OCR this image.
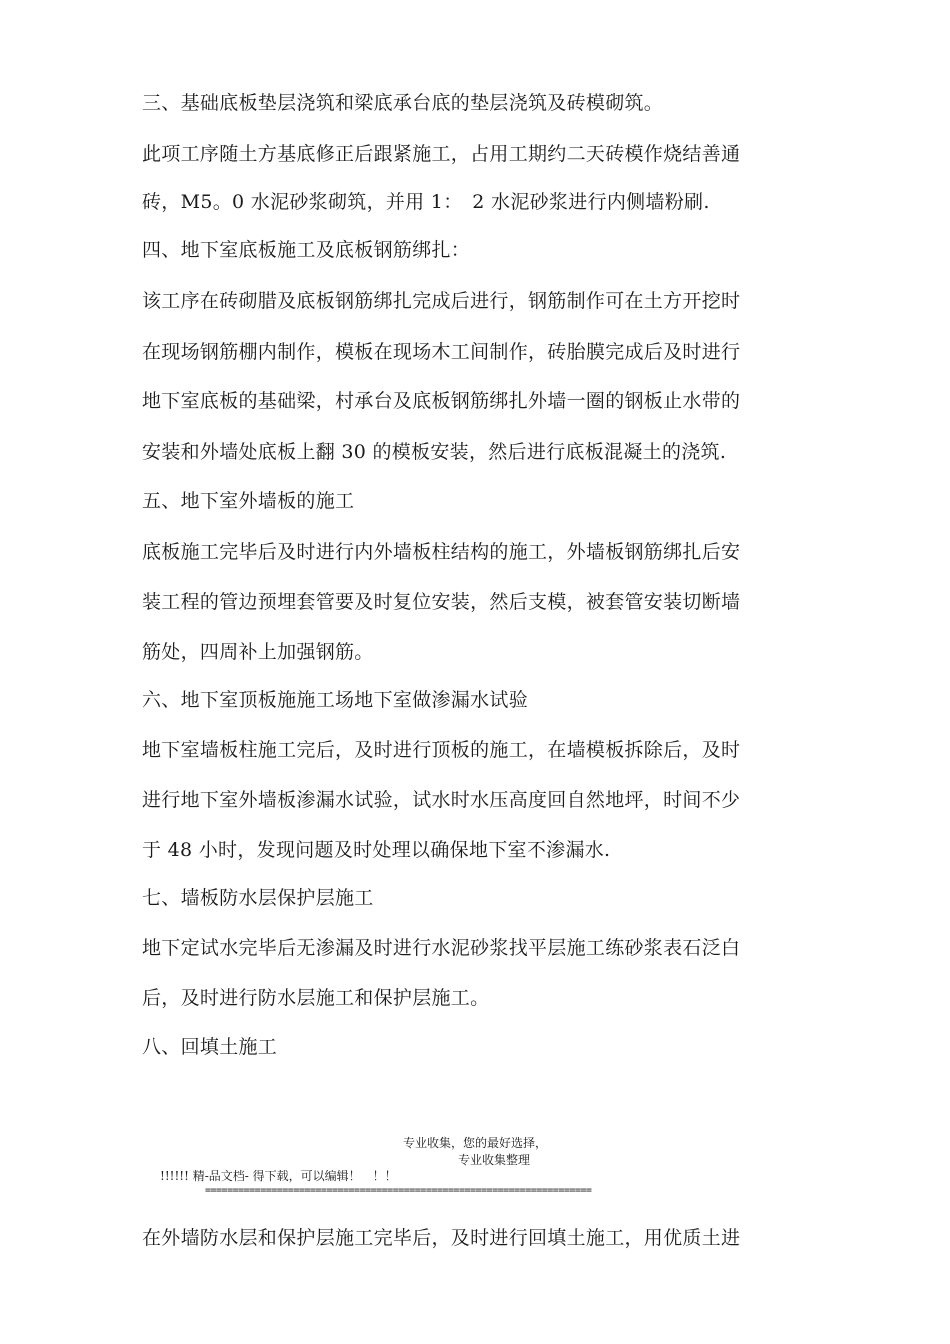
三、基础底板垫层浇筑和梁底承台底的垫层浇筑及砖模砌筑。
此项工序随土方基底修正后跟紧施工，占用工期约二天砖模作烧结善通
砖，M5。0 水泥砂浆砌筑，并用 1：　2 水泥砂浆进行内侧墙粉刷.
四、地下室底板施工及底板钢筋绑扎：
该工序在砖砌腊及底板钢筋绑扎完成后进行，钢筋制作可在土方开挖时
在现场钢筋棚内制作，模板在现场木工间制作，砖胎膜完成后及时进行
地下室底板的基础梁，村承台及底板钢筋绑扎外墙一圈的钢板止水带的
安装和外墙处底板上翻 30 的模板安装，然后进行底板混凝土的浇筑.
五、地下室外墙板的施工
底板施工完毕后及时进行内外墙板柱结构的施工，外墙板钢筋绑扎后安
装工程的管边预埋套管要及时复位安装，然后支模，被套管安装切断墙
筋处，四周补上加强钢筋。
六、地下室顶板施施工场地下室做渗漏水试验
地下室墙板柱施工完后，及时进行顶板的施工，在墙模板拆除后，及时
进行地下室外墙板渗漏水试验，试水时水压高度回自然地坪，时间不少
于 48 小时，发现问题及时处理以确保地下室不渗漏水.
七、墙板防水层保护层施工
地下定试水完毕后无渗漏及时进行水泥砂浆找平层施工练砂浆表石泛白
后，及时进行防水层施工和保护层施工。
八、回填土施工
专业收集，您的最好选择，
专业收集整理
!!!!!! 精-品文档- 得下载，可以编辑！　！！
======================================================================
在外墙防水层和保护层施工完毕后，及时进行回填土施工，用优质土进
